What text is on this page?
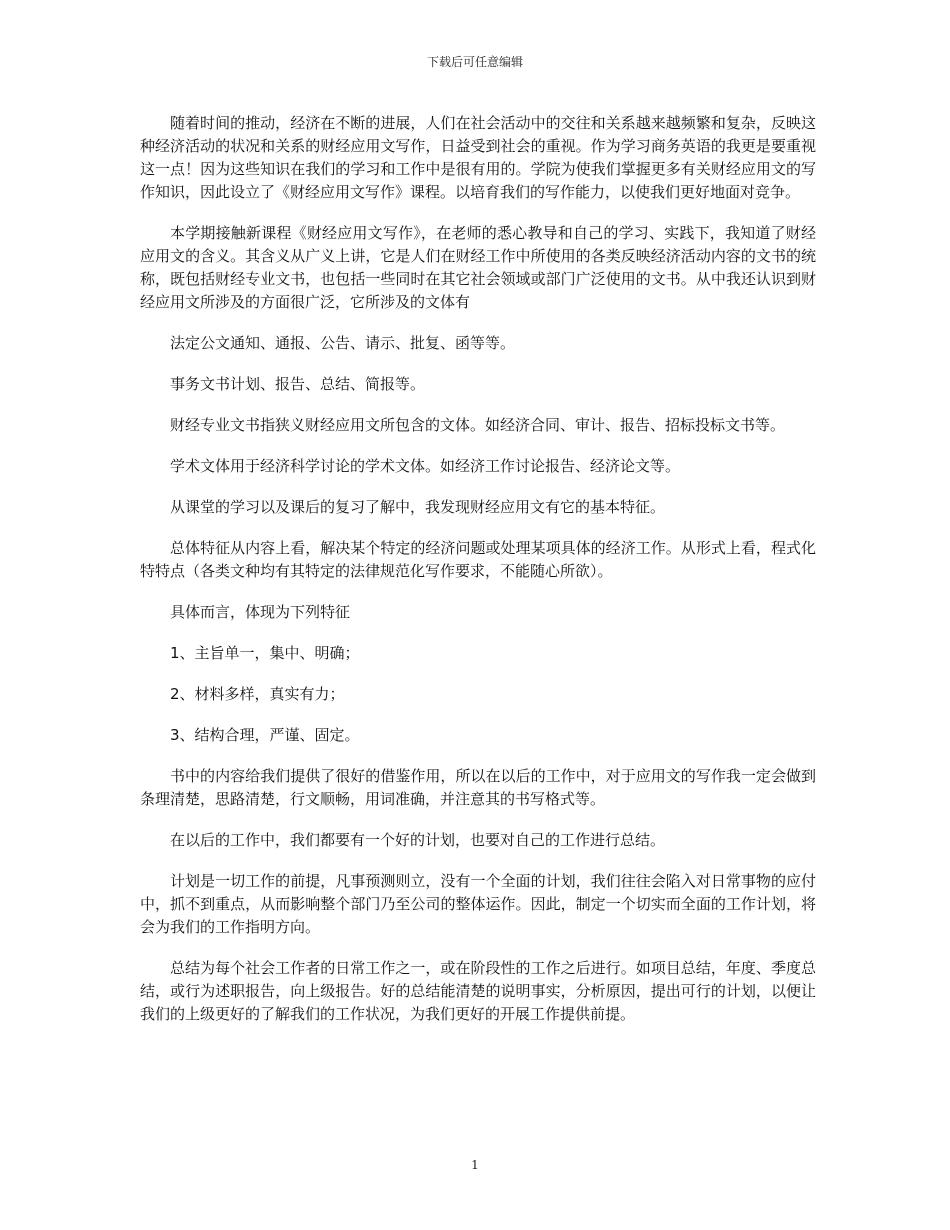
下载后可任意编辑

随着时间的推动，经济在不断的进展，人们在社会活动中的交往和关系越来越频繁和复杂，反映这种经济活动的状况和关系的财经应用文写作，日益受到社会的重视。作为学习商务英语的我更是要重视这一点！因为这些知识在我们的学习和工作中是很有用的。学院为使我们掌握更多有关财经应用文的写作知识，因此设立了《财经应用文写作》课程。以培育我们的写作能力，以使我们更好地面对竞争。

本学期接触新课程《财经应用文写作》，在老师的悉心教导和自己的学习、实践下，我知道了财经应用文的含义。其含义从广义上讲，它是人们在财经工作中所使用的各类反映经济活动内容的文书的统称，既包括财经专业文书，也包括一些同时在其它社会领域或部门广泛使用的文书。从中我还认识到财经应用文所涉及的方面很广泛，它所涉及的文体有

法定公文通知、通报、公告、请示、批复、函等等。

事务文书计划、报告、总结、简报等。

财经专业文书指狭义财经应用文所包含的文体。如经济合同、审计、报告、招标投标文书等。

学术文体用于经济科学讨论的学术文体。如经济工作讨论报告、经济论文等。

从课堂的学习以及课后的复习了解中，我发现财经应用文有它的基本特征。

总体特征从内容上看，解决某个特定的经济问题或处理某项具体的经济工作。从形式上看，程式化特特点（各类文种均有其特定的法律规范化写作要求，不能随心所欲）。

具体而言，体现为下列特征

1、主旨单一，集中、明确；

2、材料多样，真实有力；

3、结构合理，严谨、固定。

书中的内容给我们提供了很好的借鉴作用，所以在以后的工作中，对于应用文的写作我一定会做到条理清楚，思路清楚，行文顺畅，用词准确，并注意其的书写格式等。

在以后的工作中，我们都要有一个好的计划，也要对自己的工作进行总结。

计划是一切工作的前提，凡事预测则立，没有一个全面的计划，我们往往会陷入对日常事物的应付中，抓不到重点，从而影响整个部门乃至公司的整体运作。因此，制定一个切实而全面的工作计划，将会为我们的工作指明方向。

总结为每个社会工作者的日常工作之一，或在阶段性的工作之后进行。如项目总结，年度、季度总结，或行为述职报告，向上级报告。好的总结能清楚的说明事实，分析原因，提出可行的计划，以便让我们的上级更好的了解我们的工作状况，为我们更好的开展工作提供前提。

1
